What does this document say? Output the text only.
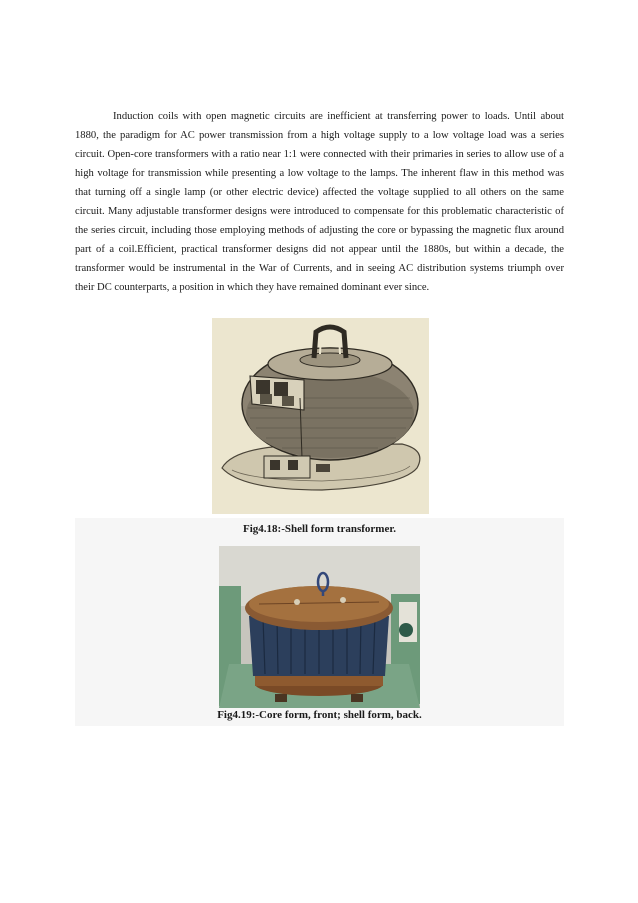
Induction coils with open magnetic circuits are inefficient at transferring power to loads. Until about 1880, the paradigm for AC power transmission from a high voltage supply to a low voltage load was a series circuit. Open-core transformers with a ratio near 1:1 were connected with their primaries in series to allow use of a high voltage for transmission while presenting a low voltage to the lamps. The inherent flaw in this method was that turning off a single lamp (or other electric device) affected the voltage supplied to all others on the same circuit. Many adjustable transformer designs were introduced to compensate for this problematic characteristic of the series circuit, including those employing methods of adjusting the core or bypassing the magnetic flux around part of a coil.Efficient, practical transformer designs did not appear until the 1880s, but within a decade, the transformer would be instrumental in the War of Currents, and in seeing AC distribution systems triumph over their DC counterparts, a position in which they have remained dominant ever since.

Fig4.18:-Shell form transformer.
Fig4.19:-Core form, front; shell form, back.
